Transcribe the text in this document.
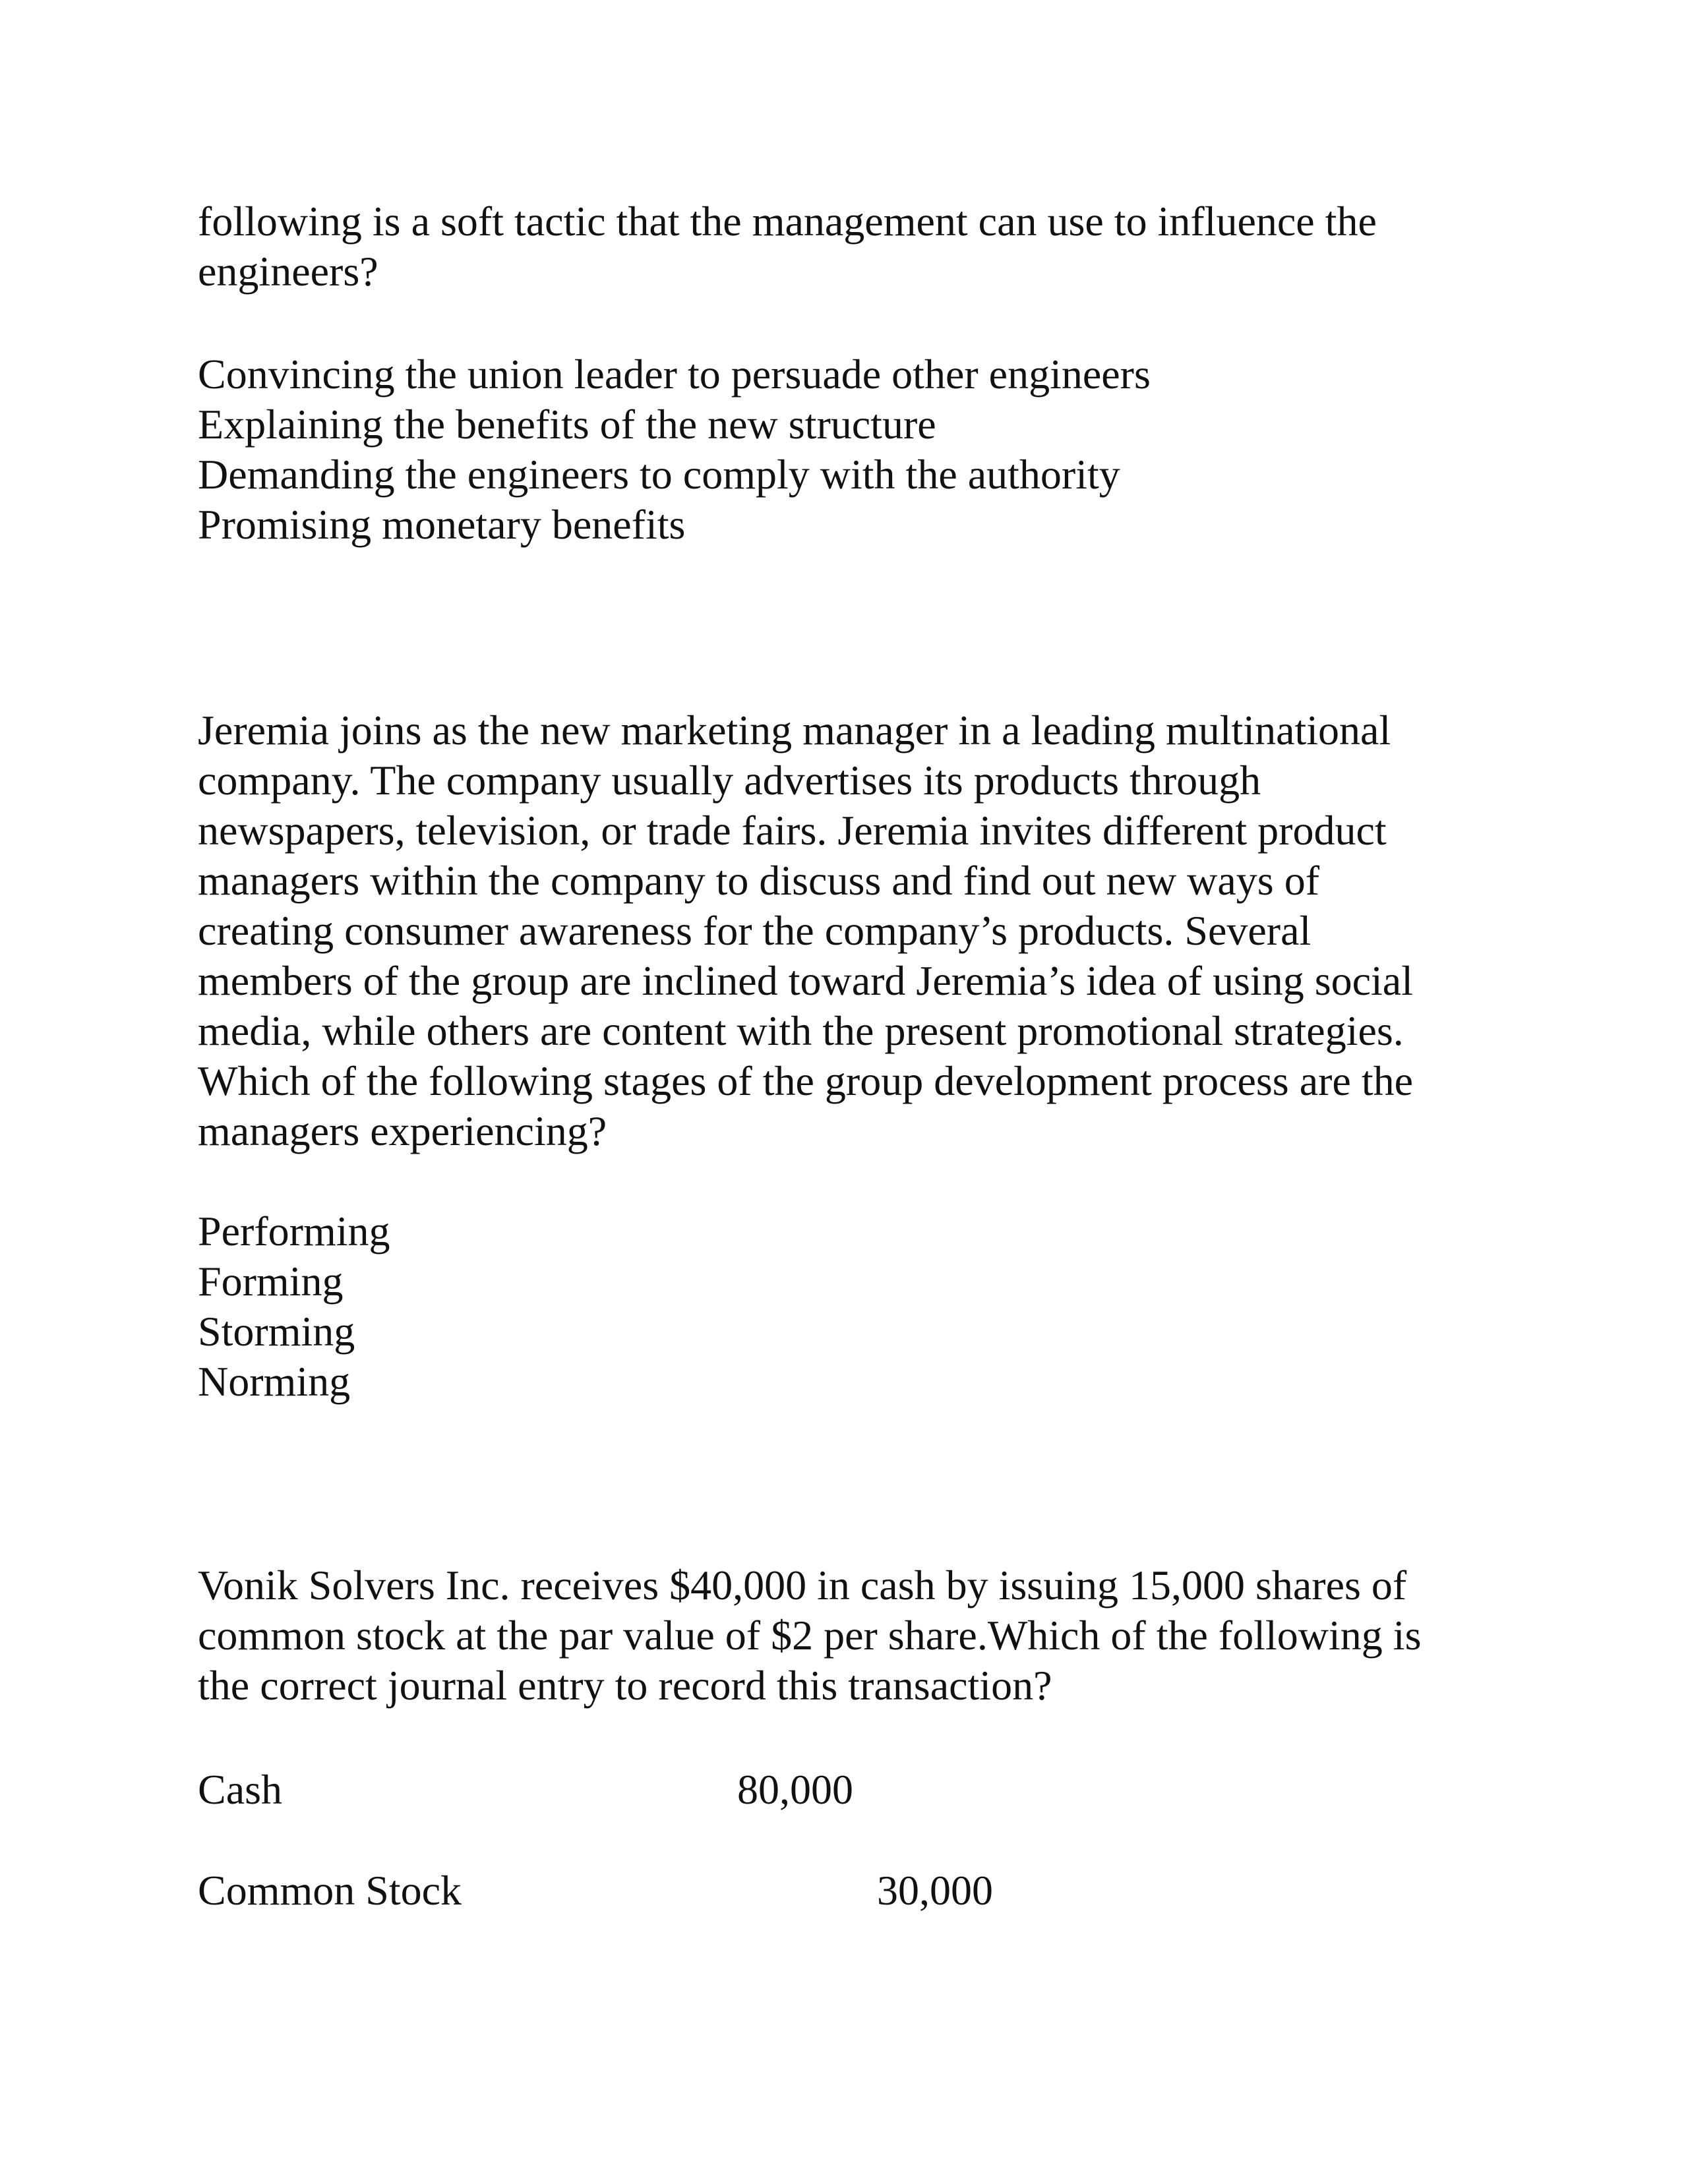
following is a soft tactic that the management can use to influence the
engineers?
Convincing the union leader to persuade other engineers
Explaining the benefits of the new structure
Demanding the engineers to comply with the authority
Promising monetary benefits
Jeremia joins as the new marketing manager in a leading multinational
company. The company usually advertises its products through
newspapers, television, or trade fairs. Jeremia invites different product
managers within the company to discuss and find out new ways of
creating consumer awareness for the company’s products. Several
members of the group are inclined toward Jeremia’s idea of using social
media, while others are content with the present promotional strategies.
Which of the following stages of the group development process are the
managers experiencing?
Performing
Forming
Storming
Norming
Vonik Solvers Inc. receives $40,000 in cash by issuing 15,000 shares of
common stock at the par value of $2 per share.Which of the following is
the correct journal entry to record this transaction?
Cash	80,000
Common Stock	30,000
